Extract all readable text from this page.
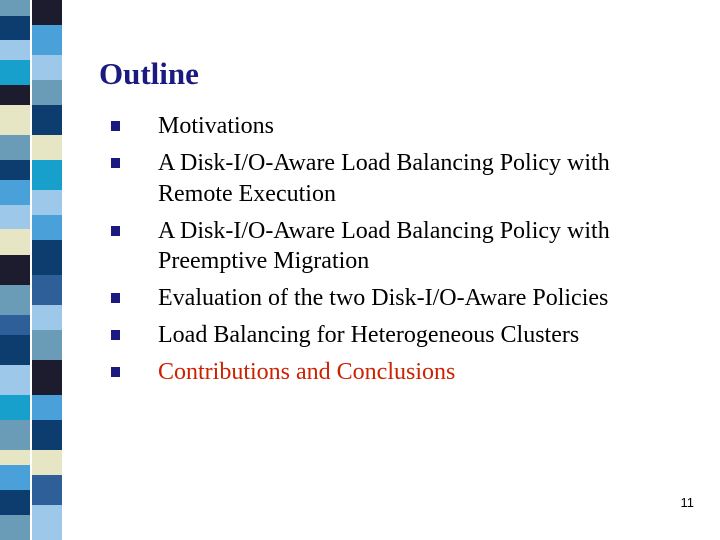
Outline
Motivations
A Disk-I/O-Aware Load Balancing Policy with Remote Execution
A Disk-I/O-Aware Load Balancing Policy with Preemptive Migration
Evaluation of the two Disk-I/O-Aware Policies
Load Balancing for Heterogeneous Clusters
Contributions and Conclusions
11
